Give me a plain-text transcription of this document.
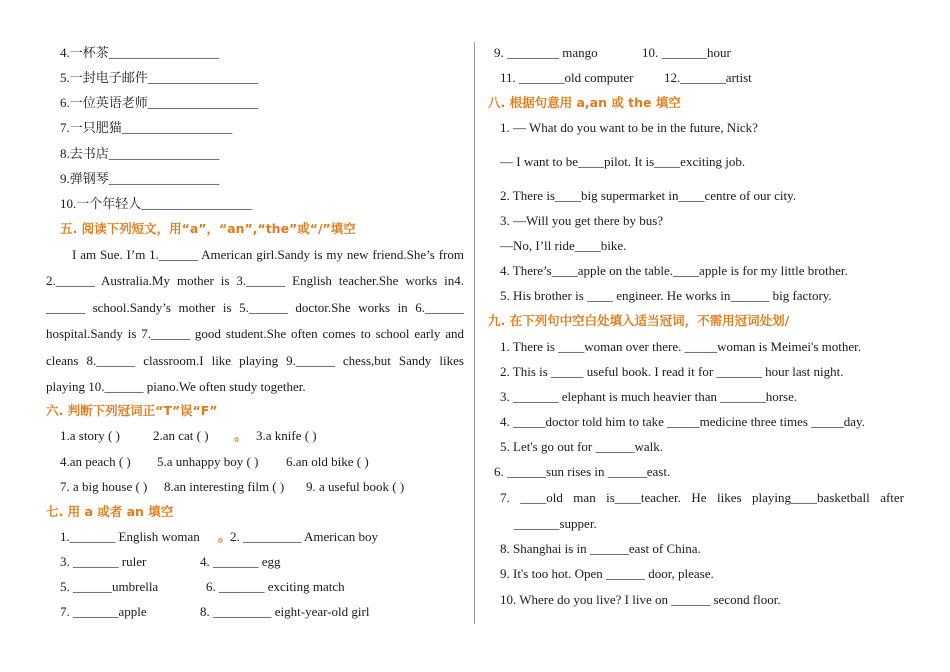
4.一杯茶_________________
5.一封电子邮件_________________
6.一位英语老师_________________
7.一只肥猫_________________
8.去书店_________________
9.弹钢琴_________________
10.一个年轻人_________________
五. 阅读下列短文，用“a”，“an”,“the”或“/”填空
I am Sue. I’m 1.______ American girl.Sandy is my new friend.She’s from 2.______ Australia.My mother is 3.______ English teacher.She works in4. ______ school.Sandy’s mother is 5.______ doctor.She works in 6.______ hospital.Sandy is 7.______ good student.She often comes to school early and cleans 8.______ classroom.I like playing 9.______ chess,but Sandy likes playing 10.______ piano.We often study together.
六. 判断下列冠词正“T”误“F”
1.a story ( )	2.an cat ( ) 。 3.a knife ( )
4.an peach ( ) 5.a unhappy boy ( ) 6.an old bike ( )
7. a big house ( ) 8.an interesting film ( ) 9. a useful book ( )
七. 用 a 或者 an 填空
1._______ English woman 。
2. _________ American boy
3. _______ ruler	4. _______ egg
5. ______umbrella	6. _______ exciting match
7. _______apple	8. _________ eight-year-old girl
9. ________ mango	10. _______hour
11. _______old computer 12._______artist
八. 根据句意用 a,an 或 the 填空
1. — What do you want to be in the future, Nick?
— I want to be____pilot. It is____exciting job.
2. There is____big supermarket in____centre of our city.
3. —Will you get there by bus?
—No, I’ll ride____bike.
4. There’s____apple on the table.____apple is for my little brother.
5. His brother is ____ engineer. He works in______ big factory.
九. 在下列句中空白处填入适当冠词，不需用冠词处划/
1. There is ____woman over there. _____woman is Meimei's mother.
2. This is _____ useful book. I read it for _______ hour last night.
3. _______ elephant is much heavier than _______horse.
4. _____doctor told him to take _____medicine three times _____day.
5. Let's go out for ______walk.
6. ______sun rises in ______east.
7. ____old man is____teacher. He likes playing____basketball after
_______supper.
8. Shanghai is in ______east of China.
9. It's too hot. Open ______ door, please.
10. Where do you live? I live on ______ second floor.
